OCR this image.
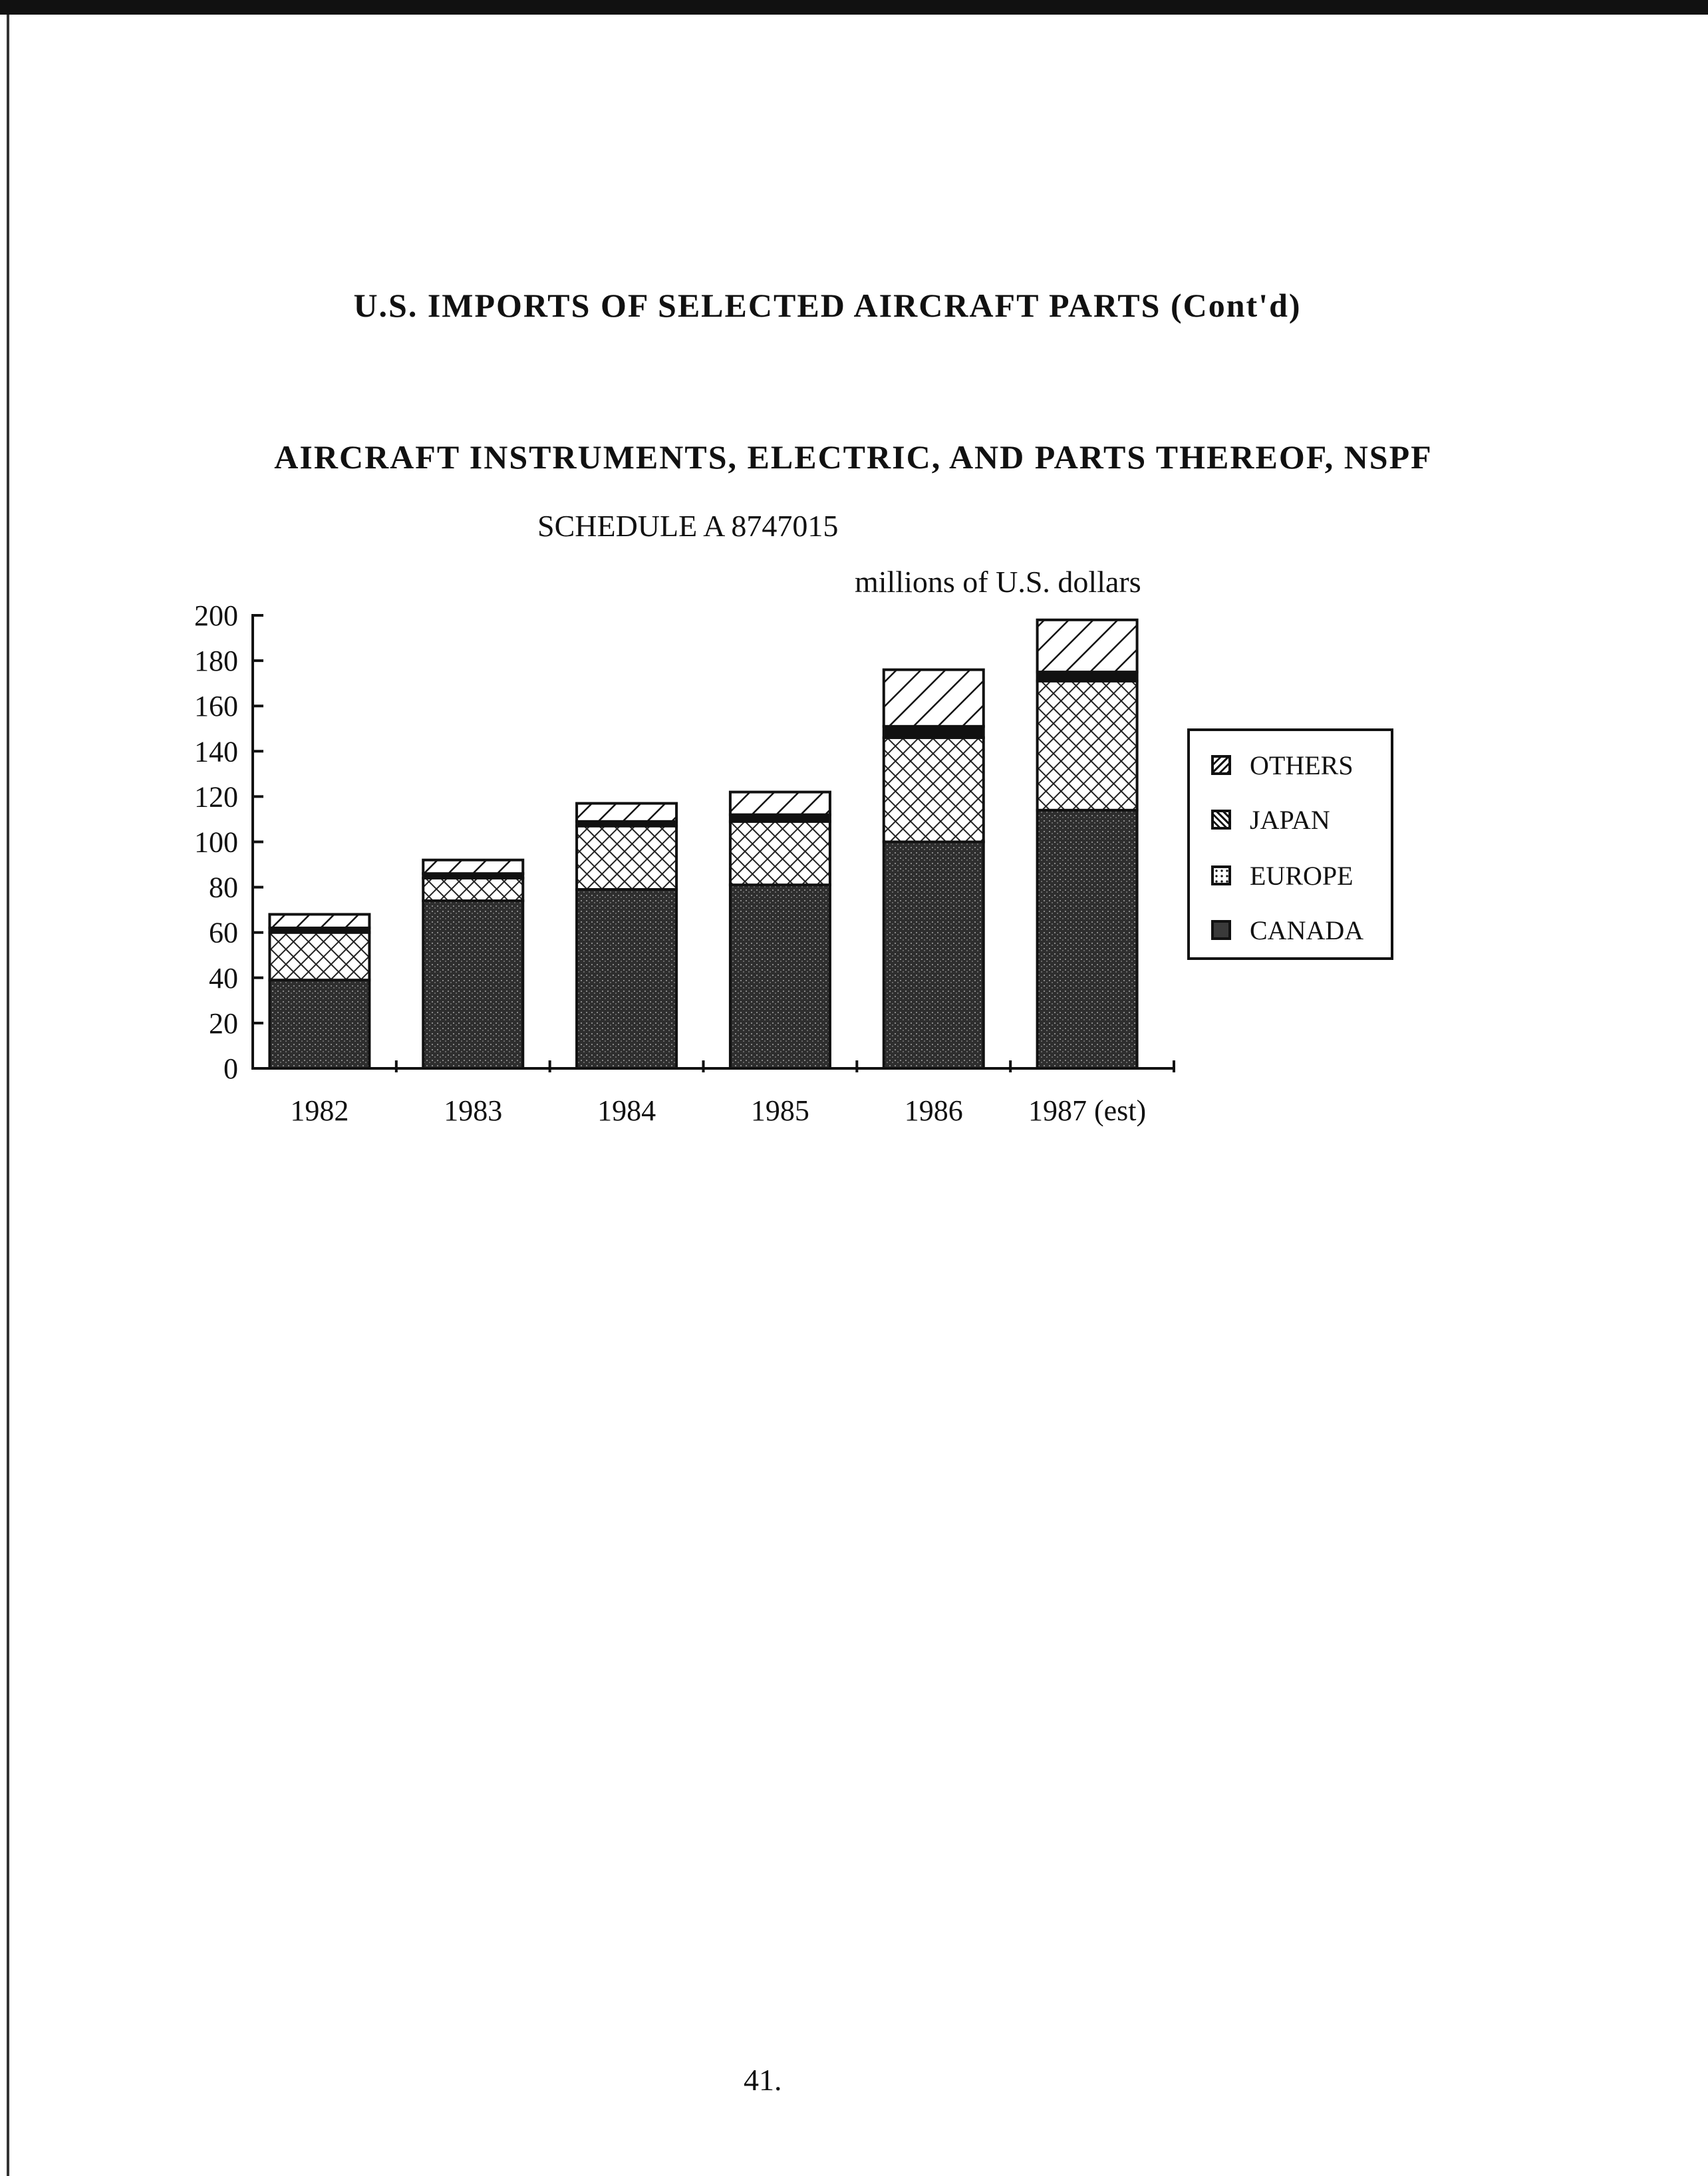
U.S. IMPORTS OF SELECTED AIRCRAFT PARTS (Cont'd)
AIRCRAFT INSTRUMENTS, ELECTRIC, AND PARTS THEREOF, NSPF
SCHEDULE A 8747015
millions of U.S. dollars
1982	1983	1984	1985	1986 1987 (est)
0
20
40
60
80
100
120
140
160
180
200
OTHERS
JAPAN
EUROPE
CANADA
41.
